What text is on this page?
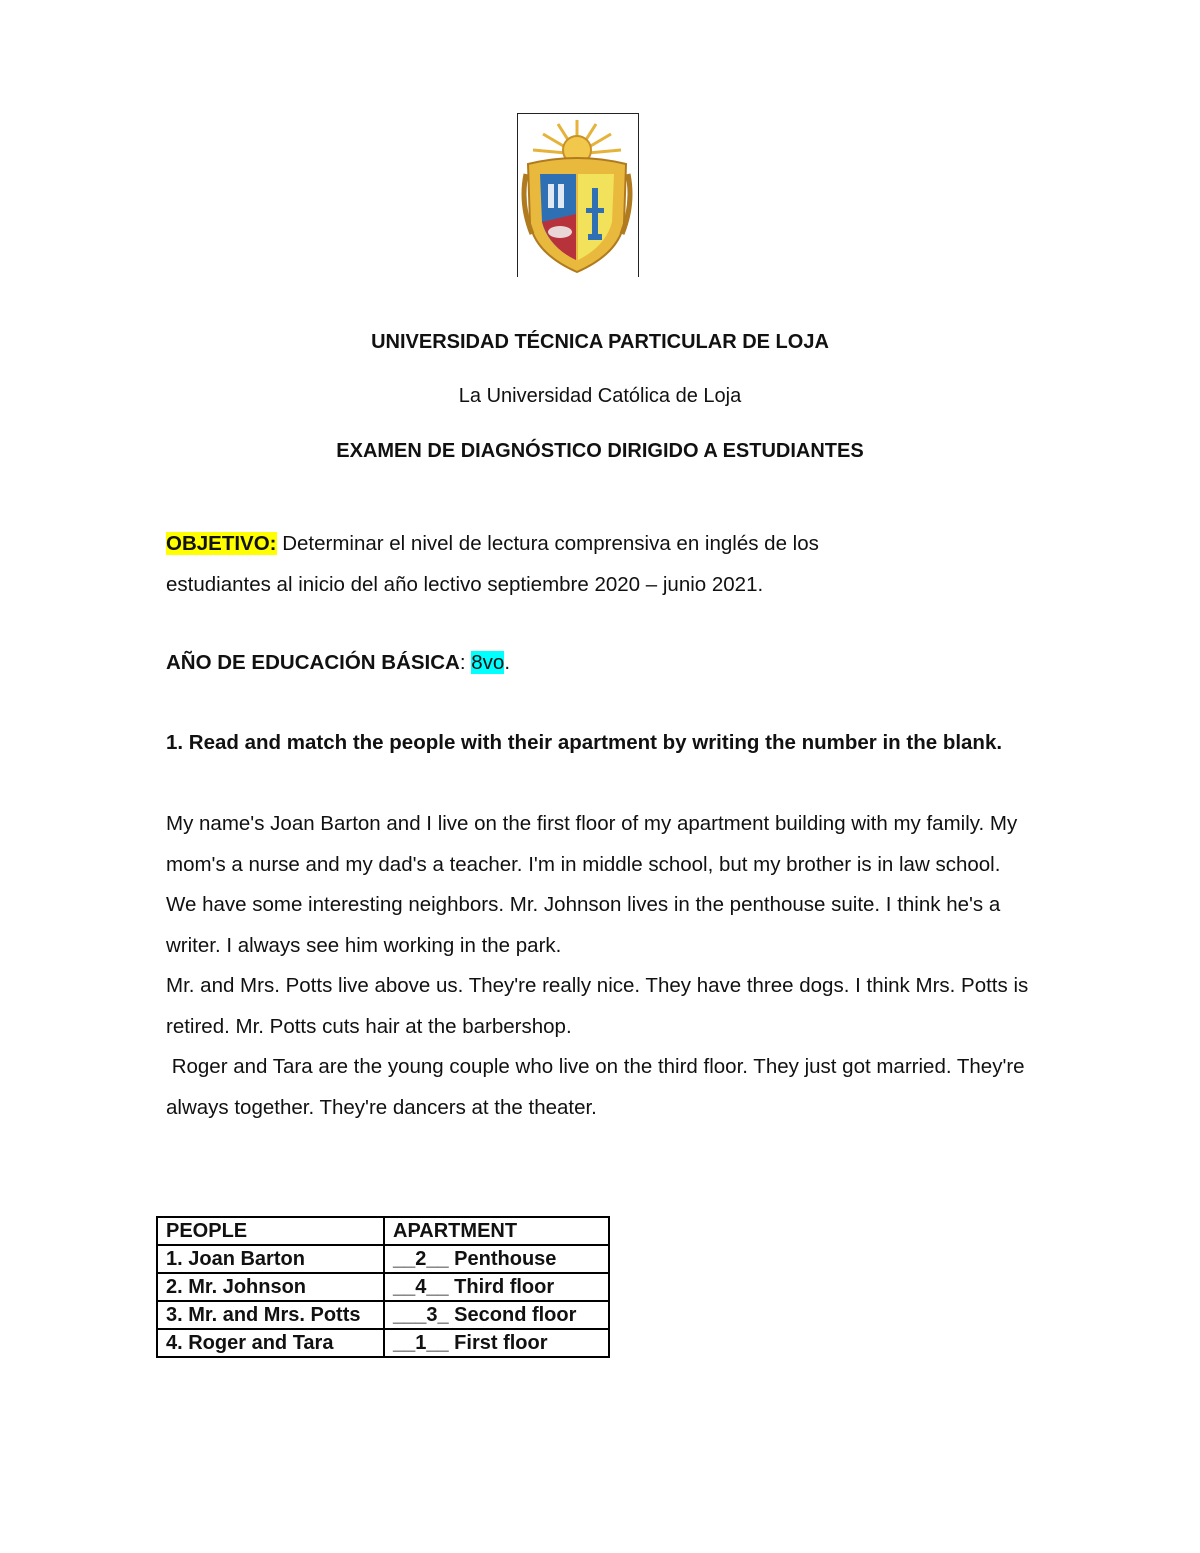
UNIVERSIDAD TÉCNICA PARTICULAR DE LOJA
La Universidad Católica de Loja
EXAMEN DE DIAGNÓSTICO DIRIGIDO A ESTUDIANTES
OBJETIVO: Determinar el nivel de lectura comprensiva en inglés de los
estudiantes al inicio del año lectivo septiembre 2020 – junio 2021.
AÑO DE EDUCACIÓN BÁSICA: 8vo.
1. Read and match the people with their apartment by writing the number in the blank.

My name's Joan Barton and I live on the first floor of my apartment building with my family. My mom's a nurse and my dad's a teacher. I'm in middle school, but my brother is in law school.

We have some interesting neighbors. Mr. Johnson lives in the penthouse suite. I think he's a writer. I always see him working in the park.

Mr. and Mrs. Potts live above us. They're really nice. They have three dogs. I think Mrs. Potts is retired. Mr. Potts cuts hair at the barbershop.

Roger and Tara are the young couple who live on the third floor. They just got married. They're always together. They're dancers at the theater.

PEOPLE	APARTMENT
1. Joan Barton	__2__ Penthouse
2. Mr. Johnson	__4__ Third floor
3. Mr. and Mrs. Potts	___3_ Second floor
4. Roger and Tara	__1__ First floor
